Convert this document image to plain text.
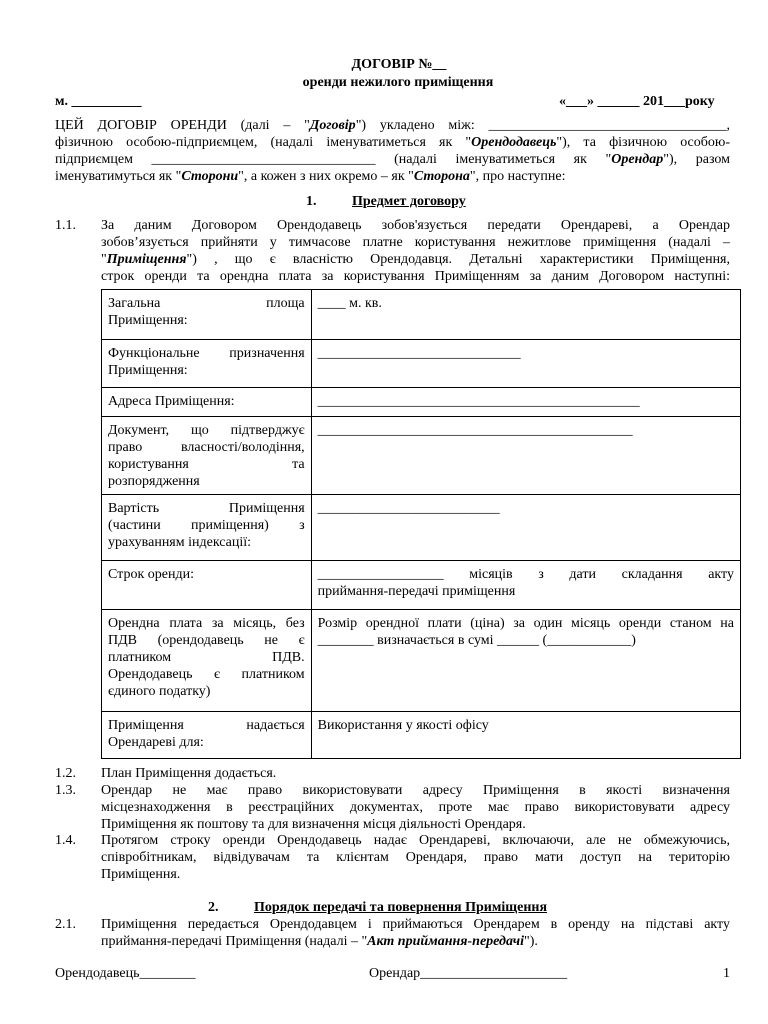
ДОГОВІР №__
оренди нежилого приміщення
м. __________	«___» ______ 201___року
ЦЕЙ ДОГОВІР ОРЕНДИ (далі – "Договір") укладено між: __________________________________,
фізичною особою-підприємцем, (надалі іменуватиметься як "Орендодавець"), та фізичною особою-
підприємцем ________________________________ (надалі іменуватиметься як "Орендар"), разом
іменуватимуться як "Сторони", а кожен з них окремо – як "Сторона", про наступне:
1.	Предмет договору
1.1. За даним Договором Орендодавець зобов'язується передати Орендареві, а Орендар
зобов’язується прийняти у тимчасове платне користування нежитлове приміщення (надалі –
"Приміщення") , що є власністю Орендодавця. Детальні характеристики Приміщення,
строк оренди та орендна плата за користування Приміщенням за даним Договором наступні:
Загальна площа
Приміщення:	____ м. кв.

Функціональне призначення
Приміщення:	_____________________________

Адреса Приміщення:	______________________________________________

Документ, що підтверджує
право власності/володіння,
користування та
розпорядження	_____________________________________________

Вартість Приміщення
(частини приміщення) з
урахуванням індексації:	__________________________

Строк оренди:	__________________ місяців з дати складання акту
приймання-передачі приміщення

Орендна плата за місяць, без
ПДВ (орендодавець не є
платником ПДВ.
Орендодавець є платником
єдиного податку)	Розмір орендної плати (ціна) за один місяць оренди станом на
________ визначається в сумі ______ (____________)

Приміщення надається
Орендареві для:	Використання у якості офісу
1.2. План Приміщення додається.
1.3. Орендар не має право використовувати адресу Приміщення в якості визначення
місцезнаходження в реєстраційних документах, проте має право використовувати адресу
Приміщення як поштову та для визначення місця діяльності Орендаря.
1.4. Протягом строку оренди Орендодавець надає Орендареві, включаючи, але не обмежуючись,
співробітникам, відвідувачам та клієнтам Орендаря, право мати доступ на територію
Приміщення.
2.	Порядок передачі та повернення Приміщення
2.1. Приміщення передається Орендодавцем і приймаються Орендарем в оренду на підставі акту
приймання-передачі Приміщення (надалі – "Акт приймання-передачі").
Орендодавець________	Орендар_____________________	1
